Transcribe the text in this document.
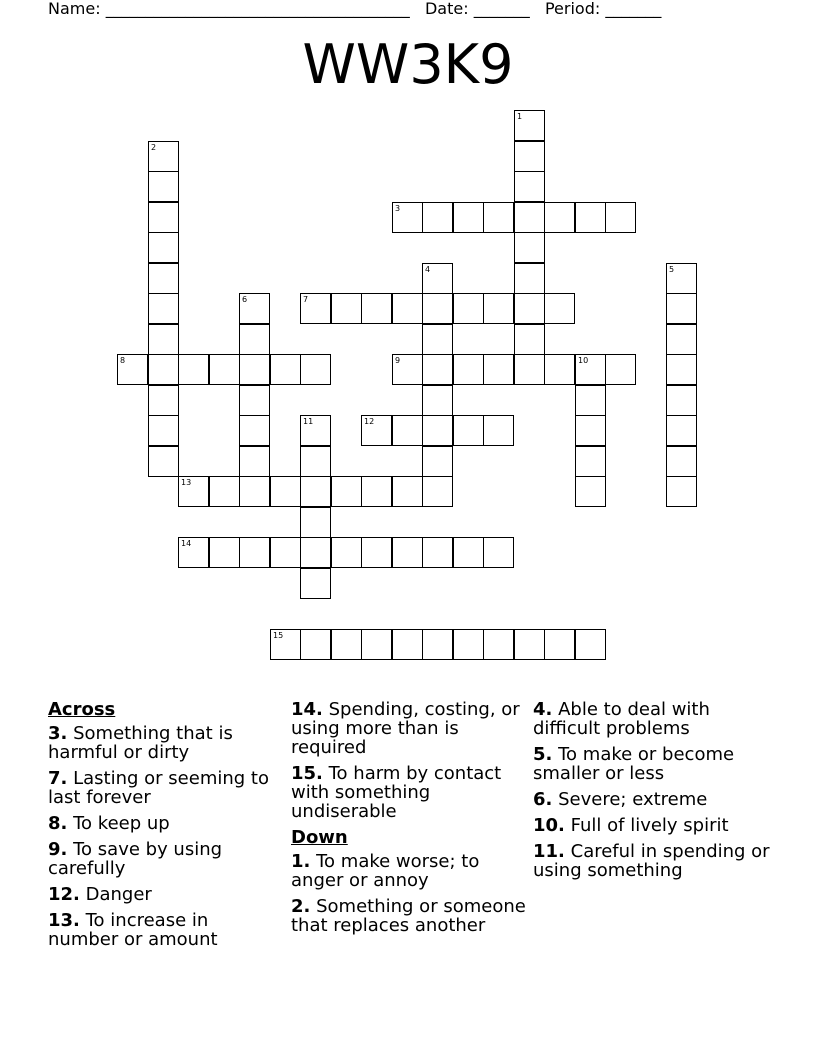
Name: ______________________________________ Date: _______ Period: _______
WW3K9
1
2
3
4	5
6	7
8	9	10
11	12
13
14
15
Across
3. Something that is harmful or dirty
7. Lasting or seeming to last forever
8. To keep up
9. To save by using carefully
12. Danger
13. To increase in number or amount
14. Spending, costing, or using more than is required
15. To harm by contact with something undiserable
Down
1. To make worse; to anger or annoy
2. Something or someone that replaces another
4. Able to deal with difficult problems
5. To make or become smaller or less
6. Severe; extreme
10. Full of lively spirit
11. Careful in spending or using something
